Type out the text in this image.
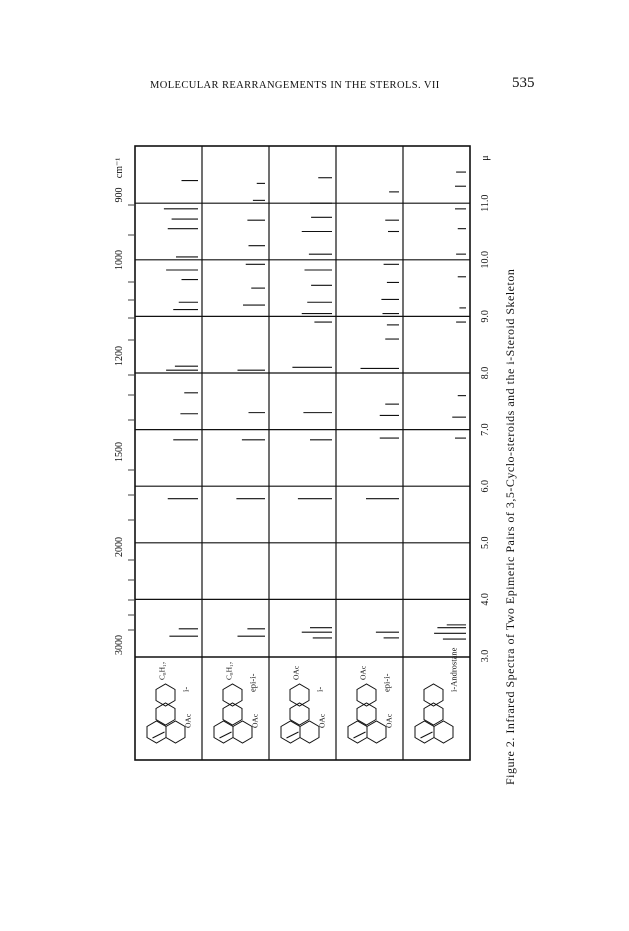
MOLECULAR REARRANGEMENTS IN THE STEROLS. VII	535
i-
C₈H₁₇
OAc
epi-i-
C₈H₁₇
OAc
i-
OAc
OAc
epi-i-
OAc
OAc
i-Androstane
900
1000
1200
1500
2000
3000
cm⁻¹
3.0
4.0
5.0
6.0
7.0
8.0
9.0
10.0
11.0
μ
Figure 2. Infrared Spectra of Two Epimeric Pairs of 3,5-Cyclo-steroids and the i-Steroid Skeleton
